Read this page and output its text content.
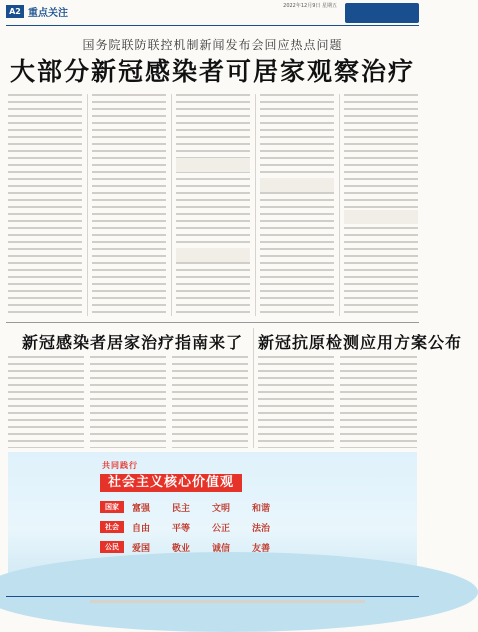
A2 重点关注
2022年12月9日 星期五
国务院联防联控机制新闻发布会回应热点问题
大部分新冠感染者可居家观察治疗
新冠感染者居家治疗指南来了 新冠抗原检测应用方案公布
共同践行
社会主义核心价值观
国家	富强	民主	文明	和谐
社会	自由	平等	公正	法治
公民	爱国	敬业	诚信	友善
